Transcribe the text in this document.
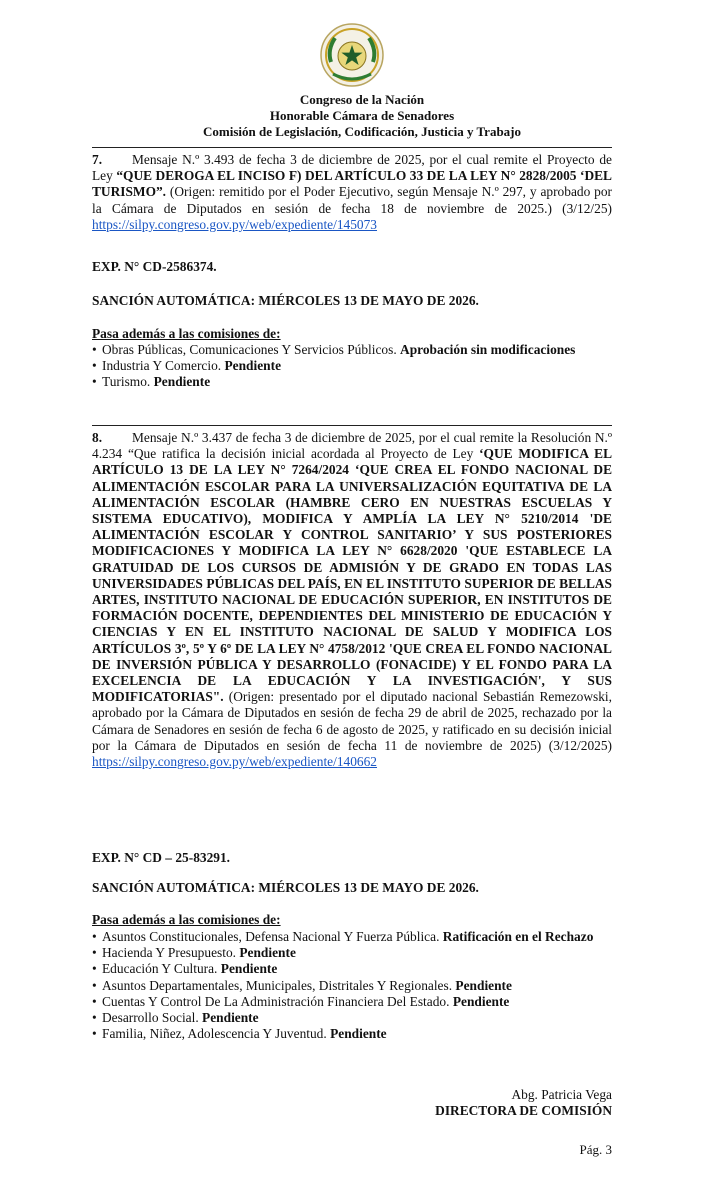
Congreso de la Nación
Honorable Cámara de Senadores
Comisión de Legislación, Codificación, Justicia y Trabajo
7. Mensaje N.º 3.493 de fecha 3 de diciembre de 2025, por el cual remite el Proyecto de Ley “QUE DEROGA EL INCISO F) DEL ARTÍCULO 33 DE LA LEY N° 2828/2005 ‘DEL TURISMO”. (Origen: remitido por el Poder Ejecutivo, según Mensaje N.º 297, y aprobado por la Cámara de Diputados en sesión de fecha 18 de noviembre de 2025.) (3/12/25) https://silpy.congreso.gov.py/web/expediente/145073
EXP. N° CD-2586374.
SANCIÓN AUTOMÁTICA: MIÉRCOLES 13 DE MAYO DE 2026.
Pasa además a las comisiones de:
• Obras Públicas, Comunicaciones Y Servicios Públicos. Aprobación sin modificaciones
• Industria Y Comercio. Pendiente
• Turismo. Pendiente
8. Mensaje N.º 3.437 de fecha 3 de diciembre de 2025, por el cual remite la Resolución N.º 4.234 “Que ratifica la decisión inicial acordada al Proyecto de Ley ‘QUE MODIFICA EL ARTÍCULO 13 DE LA LEY N° 7264/2024 ‘QUE CREA EL FONDO NACIONAL DE ALIMENTACIÓN ESCOLAR PARA LA UNIVERSALIZACIÓN EQUITATIVA DE LA ALIMENTACIÓN ESCOLAR (HAMBRE CERO EN NUESTRAS ESCUELAS Y SISTEMA EDUCATIVO), MODIFICA Y AMPLÍA LA LEY N° 5210/2014 'DE ALIMENTACIÓN ESCOLAR Y CONTROL SANITARIO’ Y SUS POSTERIORES MODIFICACIONES Y MODIFICA LA LEY N° 6628/2020 'QUE ESTABLECE LA GRATUIDAD DE LOS CURSOS DE ADMISIÓN Y DE GRADO EN TODAS LAS UNIVERSIDADES PÚBLICAS DEL PAÍS, EN EL INSTITUTO SUPERIOR DE BELLAS ARTES, INSTITUTO NACIONAL DE EDUCACIÓN SUPERIOR, EN INSTITUTOS DE FORMACIÓN DOCENTE, DEPENDIENTES DEL MINISTERIO DE EDUCACIÓN Y CIENCIAS Y EN EL INSTITUTO NACIONAL DE SALUD Y MODIFICA LOS ARTÍCULOS 3º, 5º Y 6º DE LA LEY N° 4758/2012 'QUE CREA EL FONDO NACIONAL DE INVERSIÓN PÚBLICA Y DESARROLLO (FONACIDE) Y EL FONDO PARA LA EXCELENCIA DE LA EDUCACIÓN Y LA INVESTIGACIÓN', Y SUS MODIFICATORIAS". (Origen: presentado por el diputado nacional Sebastián Remezowski, aprobado por la Cámara de Diputados en sesión de fecha 29 de abril de 2025, rechazado por la Cámara de Senadores en sesión de fecha 6 de agosto de 2025, y ratificado en su decisión inicial por la Cámara de Diputados en sesión de fecha 11 de noviembre de 2025) (3/12/2025) https://silpy.congreso.gov.py/web/expediente/140662
EXP. N° CD – 25-83291.
SANCIÓN AUTOMÁTICA: MIÉRCOLES 13 DE MAYO DE 2026.
Pasa además a las comisiones de:
• Asuntos Constitucionales, Defensa Nacional Y Fuerza Pública. Ratificación en el Rechazo
• Hacienda Y Presupuesto. Pendiente
• Educación Y Cultura. Pendiente
• Asuntos Departamentales, Municipales, Distritales Y Regionales. Pendiente
• Cuentas Y Control De La Administración Financiera Del Estado. Pendiente
• Desarrollo Social. Pendiente
• Familia, Niñez, Adolescencia Y Juventud. Pendiente
Abg. Patricia Vega
DIRECTORA DE COMISIÓN
Pág. 3
